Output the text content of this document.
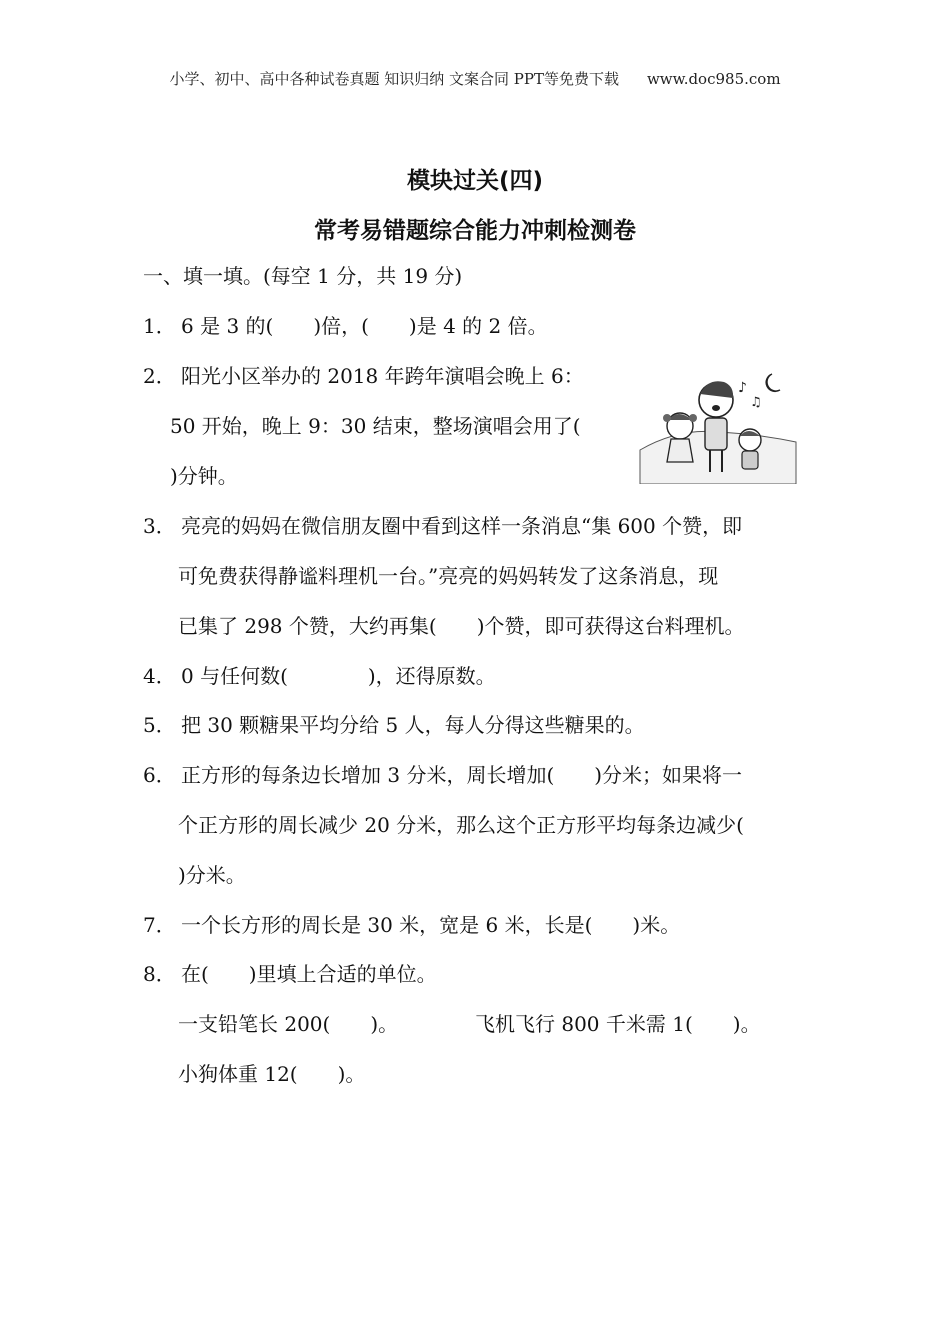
小学、初中、高中各种试卷真题 知识归纳 文案合同 PPT等免费下载 www.doc985.com
模块过关(四)
常考易错题综合能力冲刺检测卷
一、填一填。(每空 1 分，共 19 分)
1． 6 是 3 的(　　)倍，(　　)是 4 的 2 倍。
2． 阳光小区举办的 2018 年跨年演唱会晚上 6：
50 开始，晚上 9：30 结束，整场演唱会用了(
)分钟。
♪
♫
3． 亮亮的妈妈在微信朋友圈中看到这样一条消息“集 600 个赞，即
可免费获得静谧料理机一台。”亮亮的妈妈转发了这条消息，现
已集了 298 个赞，大约再集(　　)个赞，即可获得这台料理机。
4． 0 与任何数(　　　　)，还得原数。
5． 把 30 颗糖果平均分给 5 人，每人分得这些糖果的。
6． 正方形的每条边长增加 3 分米，周长增加(　　)分米；如果将一
个正方形的周长减少 20 分米，那么这个正方形平均每条边减少(
)分米。
7． 一个长方形的周长是 30 米，宽是 6 米，长是(　　)米。
8． 在(　　)里填上合适的单位。
一支铅笔长 200(　　)。	飞机飞行 800 千米需 1(　　)。
小狗体重 12(　　)。
